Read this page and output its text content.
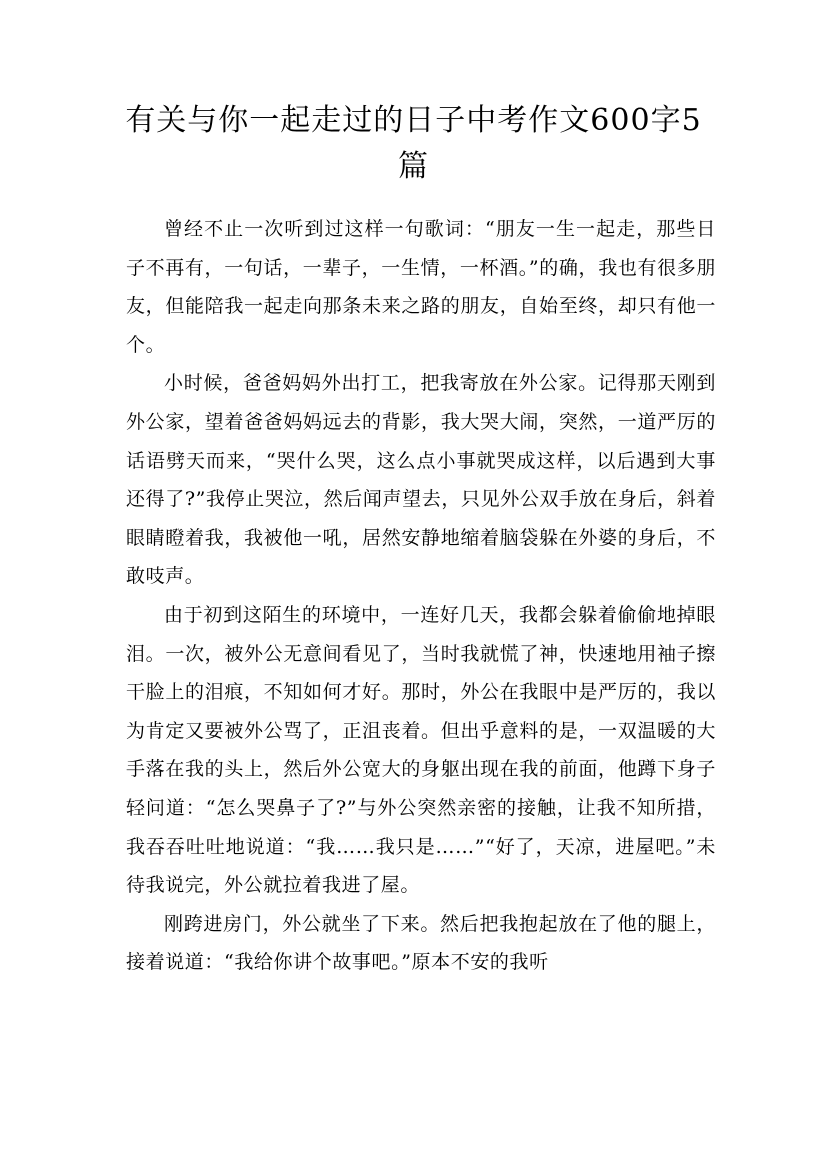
有关与你一起走过的日子中考作文600字5篇

曾经不止一次听到过这样一句歌词：“朋友一生一起走，那些日子不再有，一句话，一辈子，一生情，一杯酒。”的确，我也有很多朋友，但能陪我一起走向那条未来之路的朋友，自始至终，却只有他一个。

小时候，爸爸妈妈外出打工，把我寄放在外公家。记得那天刚到外公家，望着爸爸妈妈远去的背影，我大哭大闹，突然，一道严厉的话语劈天而来，“哭什么哭，这么点小事就哭成这样，以后遇到大事还得了?”我停止哭泣，然后闻声望去，只见外公双手放在身后，斜着眼睛瞪着我，我被他一吼，居然安静地缩着脑袋躲在外婆的身后，不敢吱声。

由于初到这陌生的环境中，一连好几天，我都会躲着偷偷地掉眼泪。一次，被外公无意间看见了，当时我就慌了神，快速地用袖子擦干脸上的泪痕，不知如何才好。那时，外公在我眼中是严厉的，我以为肯定又要被外公骂了，正沮丧着。但出乎意料的是，一双温暖的大手落在我的头上，然后外公宽大的身躯出现在我的前面，他蹲下身子轻问道：“怎么哭鼻子了?”与外公突然亲密的接触，让我不知所措，我吞吞吐吐地说道：“我……我只是……”“好了，天凉，进屋吧。”未待我说完，外公就拉着我进了屋。

刚跨进房门，外公就坐了下来。然后把我抱起放在了他的腿上，接着说道：“我给你讲个故事吧。”原本不安的我听
